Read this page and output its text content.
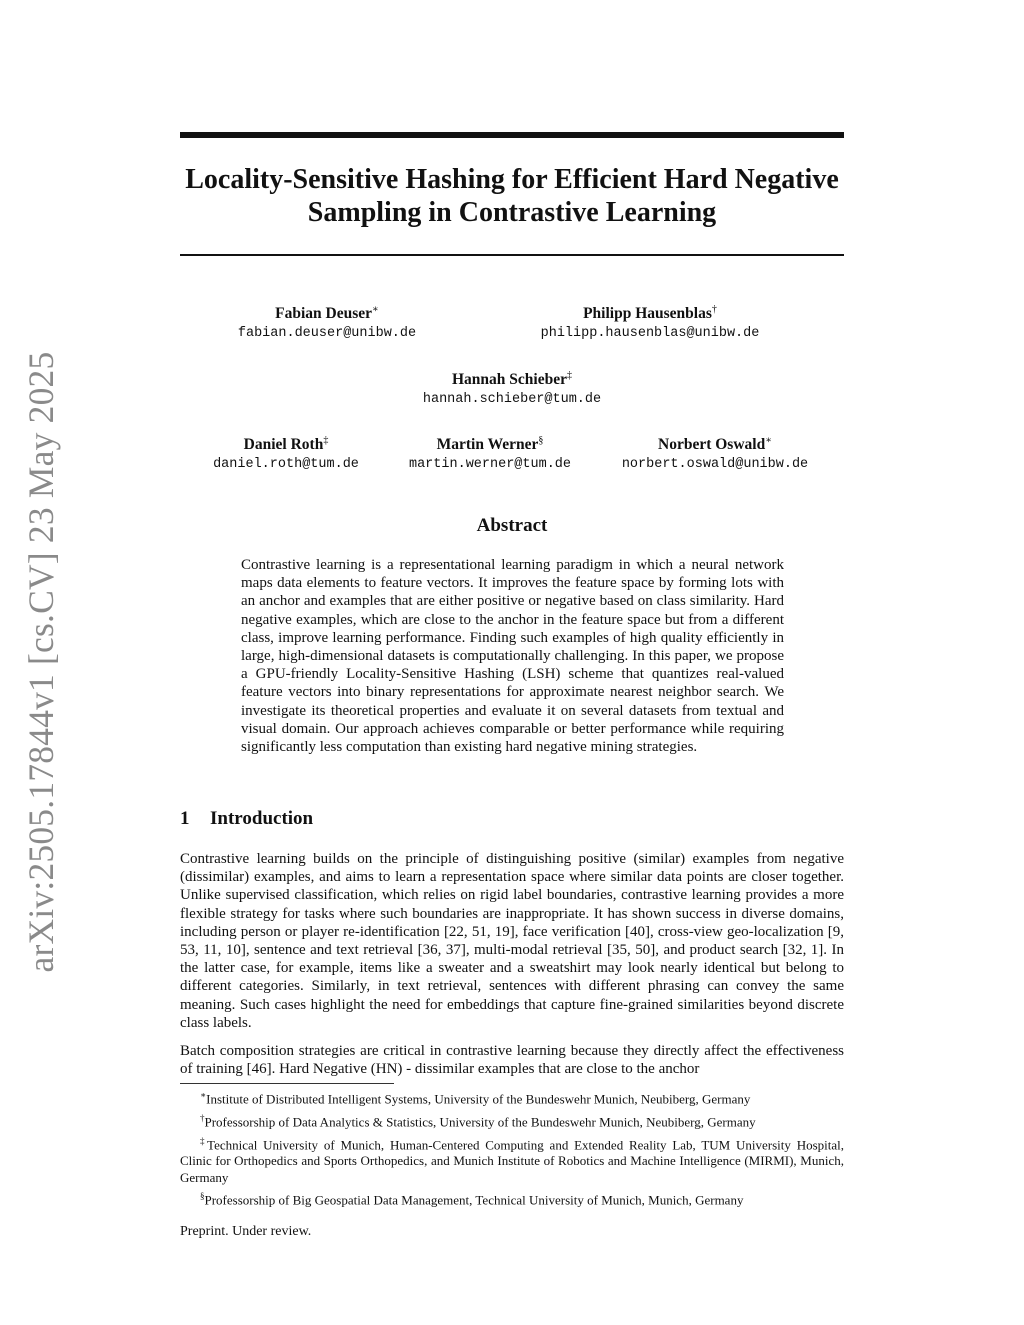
arXiv:2505.17844v1 [cs.CV] 23 May 2025
Locality-Sensitive Hashing for Efficient Hard Negative Sampling in Contrastive Learning
Fabian Deuser∗
fabian.deuser@unibw.de
Philipp Hausenblas†
philipp.hausenblas@unibw.de
Hannah Schieber‡
hannah.schieber@tum.de
Daniel Roth‡
daniel.roth@tum.de
Martin Werner§
martin.werner@tum.de
Norbert Oswald∗
norbert.oswald@unibw.de
Abstract

Contrastive learning is a representational learning paradigm in which a neural network maps data elements to feature vectors. It improves the feature space by forming lots with an anchor and examples that are either positive or negative based on class similarity. Hard negative examples, which are close to the anchor in the feature space but from a different class, improve learning performance. Finding such examples of high quality efficiently in large, high-dimensional datasets is computationally challenging. In this paper, we propose a GPU-friendly Locality-Sensitive Hashing (LSH) scheme that quantizes real-valued feature vectors into binary representations for approximate nearest neighbor search. We investigate its theoretical properties and evaluate it on several datasets from textual and visual domain. Our approach achieves comparable or better performance while requiring significantly less computation than existing hard negative mining strategies.

1 Introduction

Contrastive learning builds on the principle of distinguishing positive (similar) examples from negative (dissimilar) examples, and aims to learn a representation space where similar data points are closer together. Unlike supervised classification, which relies on rigid label boundaries, contrastive learning provides a more flexible strategy for tasks where such boundaries are inappropriate. It has shown success in diverse domains, including person or player re-identification [22, 51, 19], face verification [40], cross-view geo-localization [9, 53, 11, 10], sentence and text retrieval [36, 37], multi-modal retrieval [35, 50], and product search [32, 1]. In the latter case, for example, items like a sweater and a sweatshirt may look nearly identical but belong to different categories. Similarly, in text retrieval, sentences with different phrasing can convey the same meaning. Such cases highlight the need for embeddings that capture fine-grained similarities beyond discrete class labels.

Batch composition strategies are critical in contrastive learning because they directly affect the effectiveness of training [46]. Hard Negative (HN) - dissimilar examples that are close to the anchor

∗Institute of Distributed Intelligent Systems, University of the Bundeswehr Munich, Neubiberg, Germany

†Professorship of Data Analytics & Statistics, University of the Bundeswehr Munich, Neubiberg, Germany

‡Technical University of Munich, Human-Centered Computing and Extended Reality Lab, TUM University Hospital, Clinic for Orthopedics and Sports Orthopedics, and Munich Institute of Robotics and Machine Intelligence (MIRMI), Munich, Germany

§Professorship of Big Geospatial Data Management, Technical University of Munich, Munich, Germany

Preprint. Under review.
